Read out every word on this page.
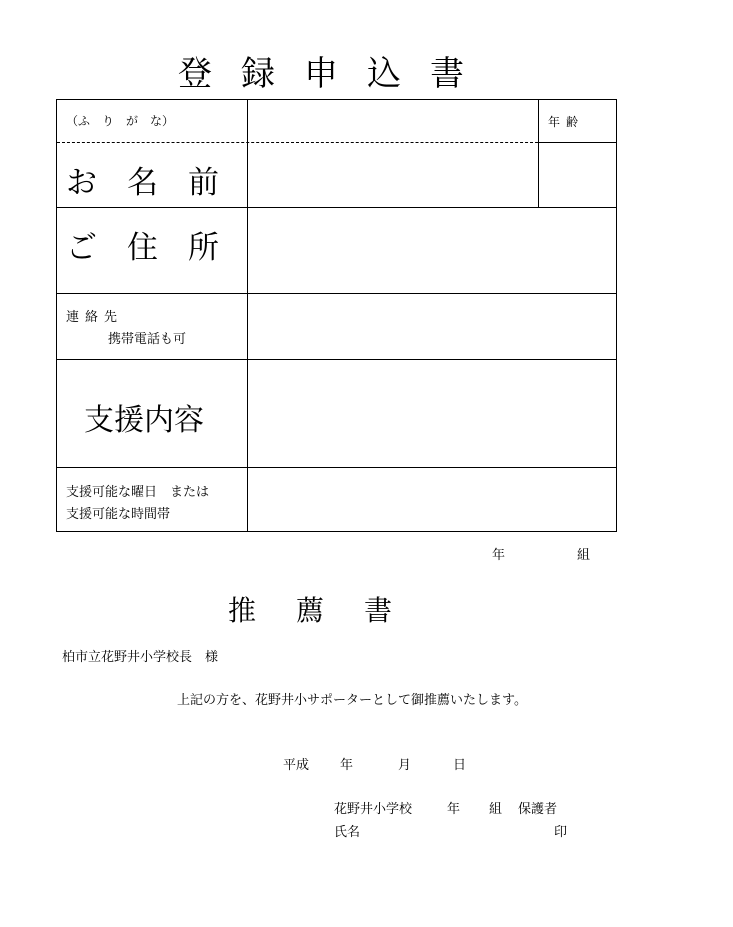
登録申込書
（ふ　り　が　な）	年齢
お名前
ご住所
連絡先
携帯電話も可
支援内容
支援可能な曜日　または
支援可能な時間帯
年	組
推薦書
柏市立花野井小学校長　様
上記の方を、花野井小サポーターとして御推薦いたします。
平成 年	月	日
花野井小学校	年 組 保護者
氏名	印
